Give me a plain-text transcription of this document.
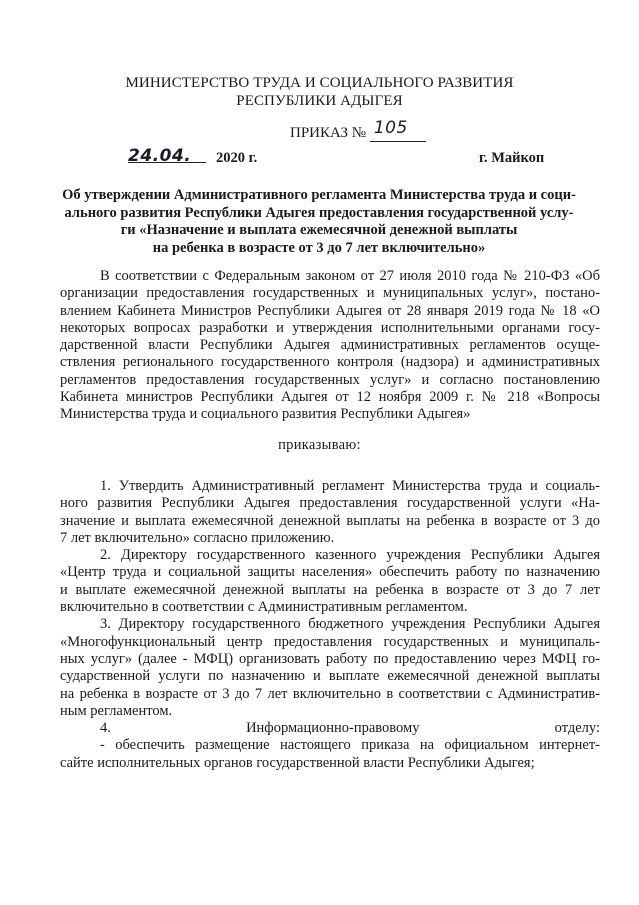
МИНИСТЕРСТВО ТРУДА И СОЦИАЛЬНОГО РАЗВИТИЯ
РЕСПУБЛИКИ АДЫГЕЯ
ПРИКАЗ № 105
24.04. 2020 г.	г. Майкоп
Об утверждении Административного регламента Министерства труда и соци-
ального развития Республики Адыгея предоставления государственной услу-
ги «Назначение и выплата ежемесячной денежной выплаты
на ребенка в возрасте от 3 до 7 лет включительно»
В соответствии с Федеральным законом от 27 июля 2010 года № 210-ФЗ «Об
организации предоставления государственных и муниципальных услуг», постано-
влением Кабинета Министров Республики Адыгея от 28 января 2019 года № 18 «О
некоторых вопросах разработки и утверждения исполнительными органами госу-
дарственной власти Республики Адыгея административных регламентов осуще-
ствления регионального государственного контроля (надзора) и административных
регламентов предоставления государственных услуг» и согласно постановлению
Кабинета министров Республики Адыгея от 12 ноября 2009 г. № 218 «Вопросы
Министерства труда и социального развития Республики Адыгея»
приказываю:
1. Утвердить Административный регламент Министерства труда и социаль-
ного развития Республики Адыгея предоставления государственной услуги «На-
значение и выплата ежемесячной денежной выплаты на ребенка в возрасте от 3 до
7 лет включительно» согласно приложению.
2. Директору государственного казенного учреждения Республики Адыгея
«Центр труда и социальной защиты населения» обеспечить работу по назначению
и выплате ежемесячной денежной выплаты на ребенка в возрасте от 3 до 7 лет
включительно в соответствии с Административным регламентом.
3. Директору государственного бюджетного учреждения Республики Адыгея
«Многофункциональный центр предоставления государственных и муниципаль-
ных услуг» (далее - МФЦ) организовать работу по предоставлению через МФЦ го-
сударственной услуги по назначению и выплате ежемесячной денежной выплаты
на ребенка в возрасте от 3 до 7 лет включительно в соответствии с Административ-
ным регламентом.
4. Информационно-правовому отделу:
- обеспечить размещение настоящего приказа на официальном интернет-
сайте исполнительных органов государственной власти Республики Адыгея;
